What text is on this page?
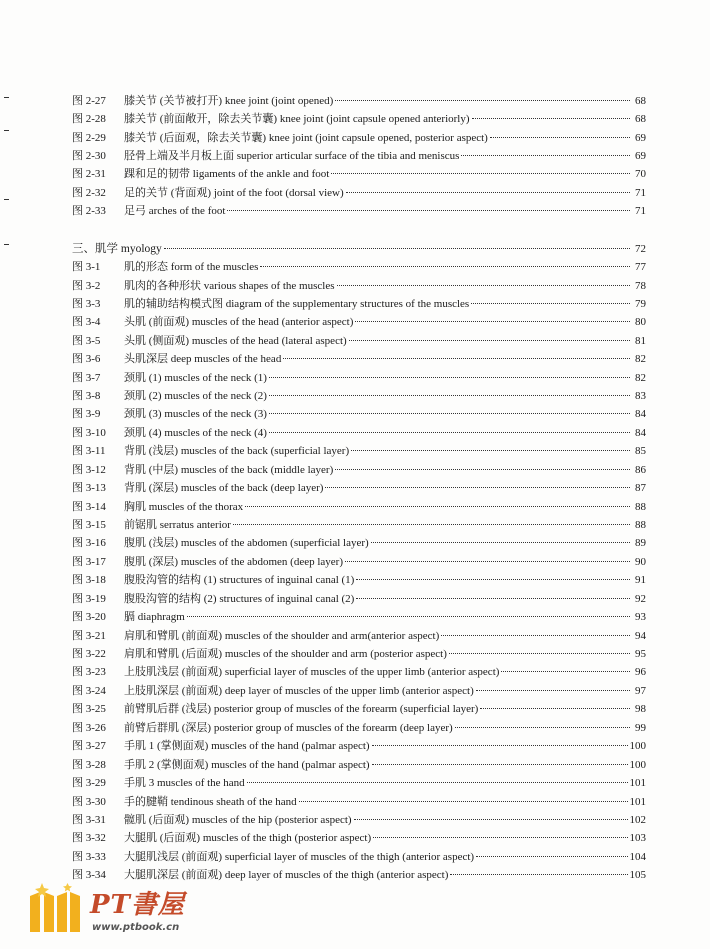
图 2-27	膝关节 (关节被打开) knee joint (joint opened)	68
图 2-28	膝关节 (前面敞开，除去关节囊) knee joint (joint capsule opened anteriorly)	68
图 2-29	膝关节 (后面观，除去关节囊) knee joint (joint capsule opened, posterior aspect)	69
图 2-30	胫骨上端及半月板上面 superior articular surface of the tibia and meniscus	69
图 2-31	踝和足的韧带 ligaments of the ankle and foot	70
图 2-32	足的关节 (背面观) joint of the foot (dorsal view)	71
图 2-33	足弓 arches of the foot	71
三、肌学 myology	72
图 3-1	肌的形态 form of the muscles	77
图 3-2	肌肉的各种形状 various shapes of the muscles	78
图 3-3	肌的辅助结构模式图 diagram of the supplementary structures of the muscles	79
图 3-4	头肌 (前面观) muscles of the head (anterior aspect)	80
图 3-5	头肌 (侧面观) muscles of the head (lateral aspect)	81
图 3-6	头肌深层 deep muscles of the head	82
图 3-7	颈肌 (1) muscles of the neck (1)	82
图 3-8	颈肌 (2) muscles of the neck (2)	83
图 3-9	颈肌 (3) muscles of the neck (3)	84
图 3-10	颈肌 (4) muscles of the neck (4)	84
图 3-11	背肌 (浅层) muscles of the back (superficial layer)	85
图 3-12	背肌 (中层) muscles of the back (middle layer)	86
图 3-13	背肌 (深层) muscles of the back (deep layer)	87
图 3-14	胸肌 muscles of the thorax	88
图 3-15	前锯肌 serratus anterior	88
图 3-16	腹肌 (浅层) muscles of the abdomen (superficial layer)	89
图 3-17	腹肌 (深层) muscles of the abdomen (deep layer)	90
图 3-18	腹股沟管的结构 (1) structures of inguinal canal (1)	91
图 3-19	腹股沟管的结构 (2) structures of inguinal canal (2)	92
图 3-20	膈 diaphragm	93
图 3-21	肩肌和臂肌 (前面观) muscles of the shoulder and arm(anterior aspect)	94
图 3-22	肩肌和臂肌 (后面观) muscles of the shoulder and arm (posterior aspect)	95
图 3-23	上肢肌浅层 (前面观) superficial layer of muscles of the upper limb (anterior aspect)	96
图 3-24	上肢肌深层 (前面观) deep layer of muscles of the upper limb (anterior aspect)	97
图 3-25	前臂肌后群 (浅层) posterior group of muscles of the forearm (superficial layer)	98
图 3-26	前臂后群肌 (深层) posterior group of muscles of the forearm (deep layer)	99
图 3-27	手肌 1 (掌侧面观) muscles of the hand (palmar aspect)	100
图 3-28	手肌 2 (掌侧面观) muscles of the hand (palmar aspect)	100
图 3-29	手肌 3 muscles of the hand	101
图 3-30	手的腱鞘 tendinous sheath of the hand	101
图 3-31	髋肌 (后面观) muscles of the hip (posterior aspect)	102
图 3-32	大腿肌 (后面观) muscles of the thigh (posterior aspect)	103
图 3-33	大腿肌浅层 (前面观) superficial layer of muscles of the thigh (anterior aspect)	104
图 3-34	大腿肌深层 (前面观) deep layer of muscles of the thigh (anterior aspect)	105
PT書屋
www.ptbook.cn
